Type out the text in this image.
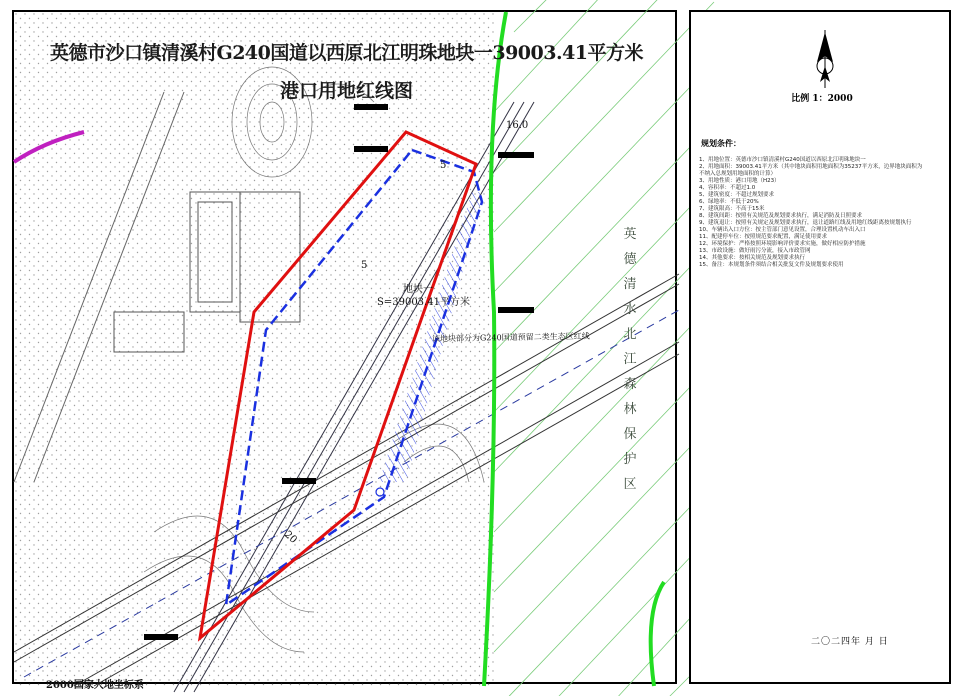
英德市沙口镇清溪村G240国道以西原北江明珠地块一39003.41平方米
港口用地红线图
地块一
S=39003.41平方米
该地块部分为G240国道预留二类生态区红线
英德清水北江森林保护区
16.0
5
5
20
2000国家大地坐标系
比例 1：2000
规划条件：
1、用地位置：英德市沙口镇清溪村G240国道以西原北江明珠地块一
2、用地面积：39003.41平方米（其中地块面积用地面积为35237平方米，边界地块面积为
不纳入总规划用地面积的计算）
3、用地性质：港口用地（H23）
4、容积率：不超过1.0
5、建筑密度：不超过规划要求
6、绿地率：不低于20%
7、建筑限高：不高于15米
8、建筑间距：按照有关规范及规划要求执行，满足消防及日照要求
9、建筑退让：按照有关规定及规划要求执行，退让道路红线及用地红线距离按规划执行
10、车辆出入口方位：按主管部门意见设置，合理设置机动车出入口
11、配建停车位：按照规范要求配置，满足使用要求
12、环境保护：严格按照环境影响评价要求实施，做好相应防护措施
13、市政设施：做好雨污分流，接入市政管网
14、其他要求：按相关规范及规划要求执行
15、备注：本规划条件须结合相关批复文件及规划要求使用
二〇二四年 月 日
